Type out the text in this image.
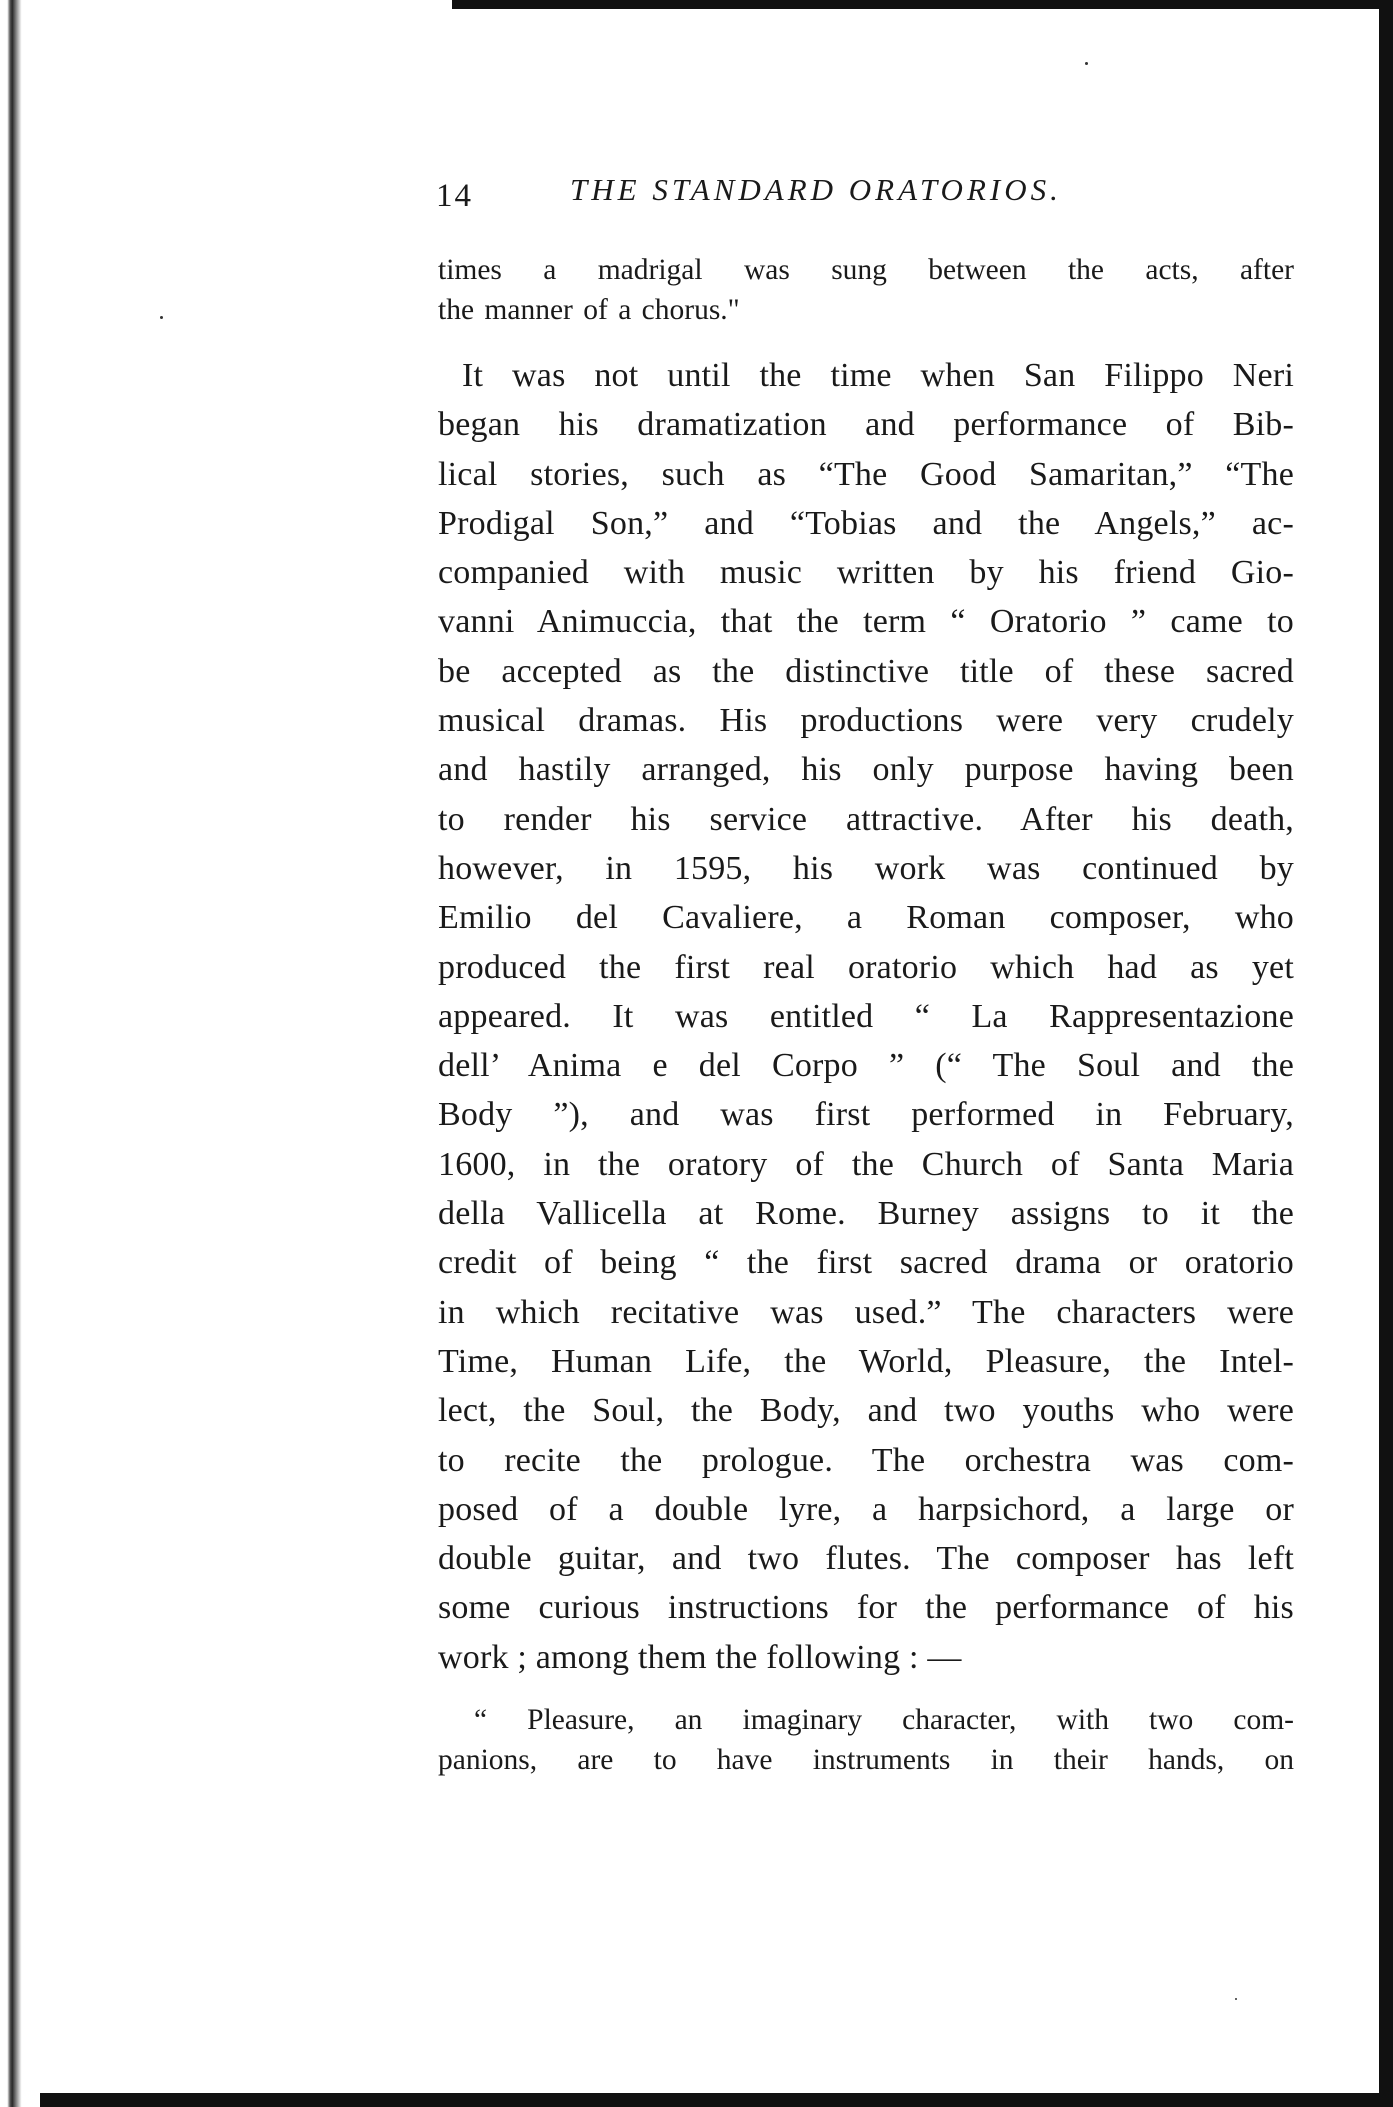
14	THE STANDARD ORATORIOS.

times a madrigal was sung between the acts, after

the manner of a chorus."

It was not until the time when San Filippo Neri

began his dramatization and performance of Bib-

lical stories, such as “The Good Samaritan,” “The

Prodigal Son,” and “Tobias and the Angels,” ac-

companied with music written by his friend Gio-

vanni Animuccia, that the term “ Oratorio ” came to

be accepted as the distinctive title of these sacred

musical dramas. His productions were very crudely

and hastily arranged, his only purpose having been

to render his service attractive. After his death,

however, in 1595, his work was continued by

Emilio del Cavaliere, a Roman composer, who

produced the first real oratorio which had as yet

appeared. It was entitled “ La Rappresentazione

dell’ Anima e del Corpo ” (“ The Soul and the

Body ”), and was first performed in February,

1600, in the oratory of the Church of Santa Maria

della Vallicella at Rome. Burney assigns to it the

credit of being “ the first sacred drama or oratorio

in which recitative was used.” The characters were

Time, Human Life, the World, Pleasure, the Intel-

lect, the Soul, the Body, and two youths who were

to recite the prologue. The orchestra was com-

posed of a double lyre, a harpsichord, a large or

double guitar, and two flutes. The composer has left

some curious instructions for the performance of his

work ; among them the following : —

“ Pleasure, an imaginary character, with two com-

panions, are to have instruments in their hands, on
